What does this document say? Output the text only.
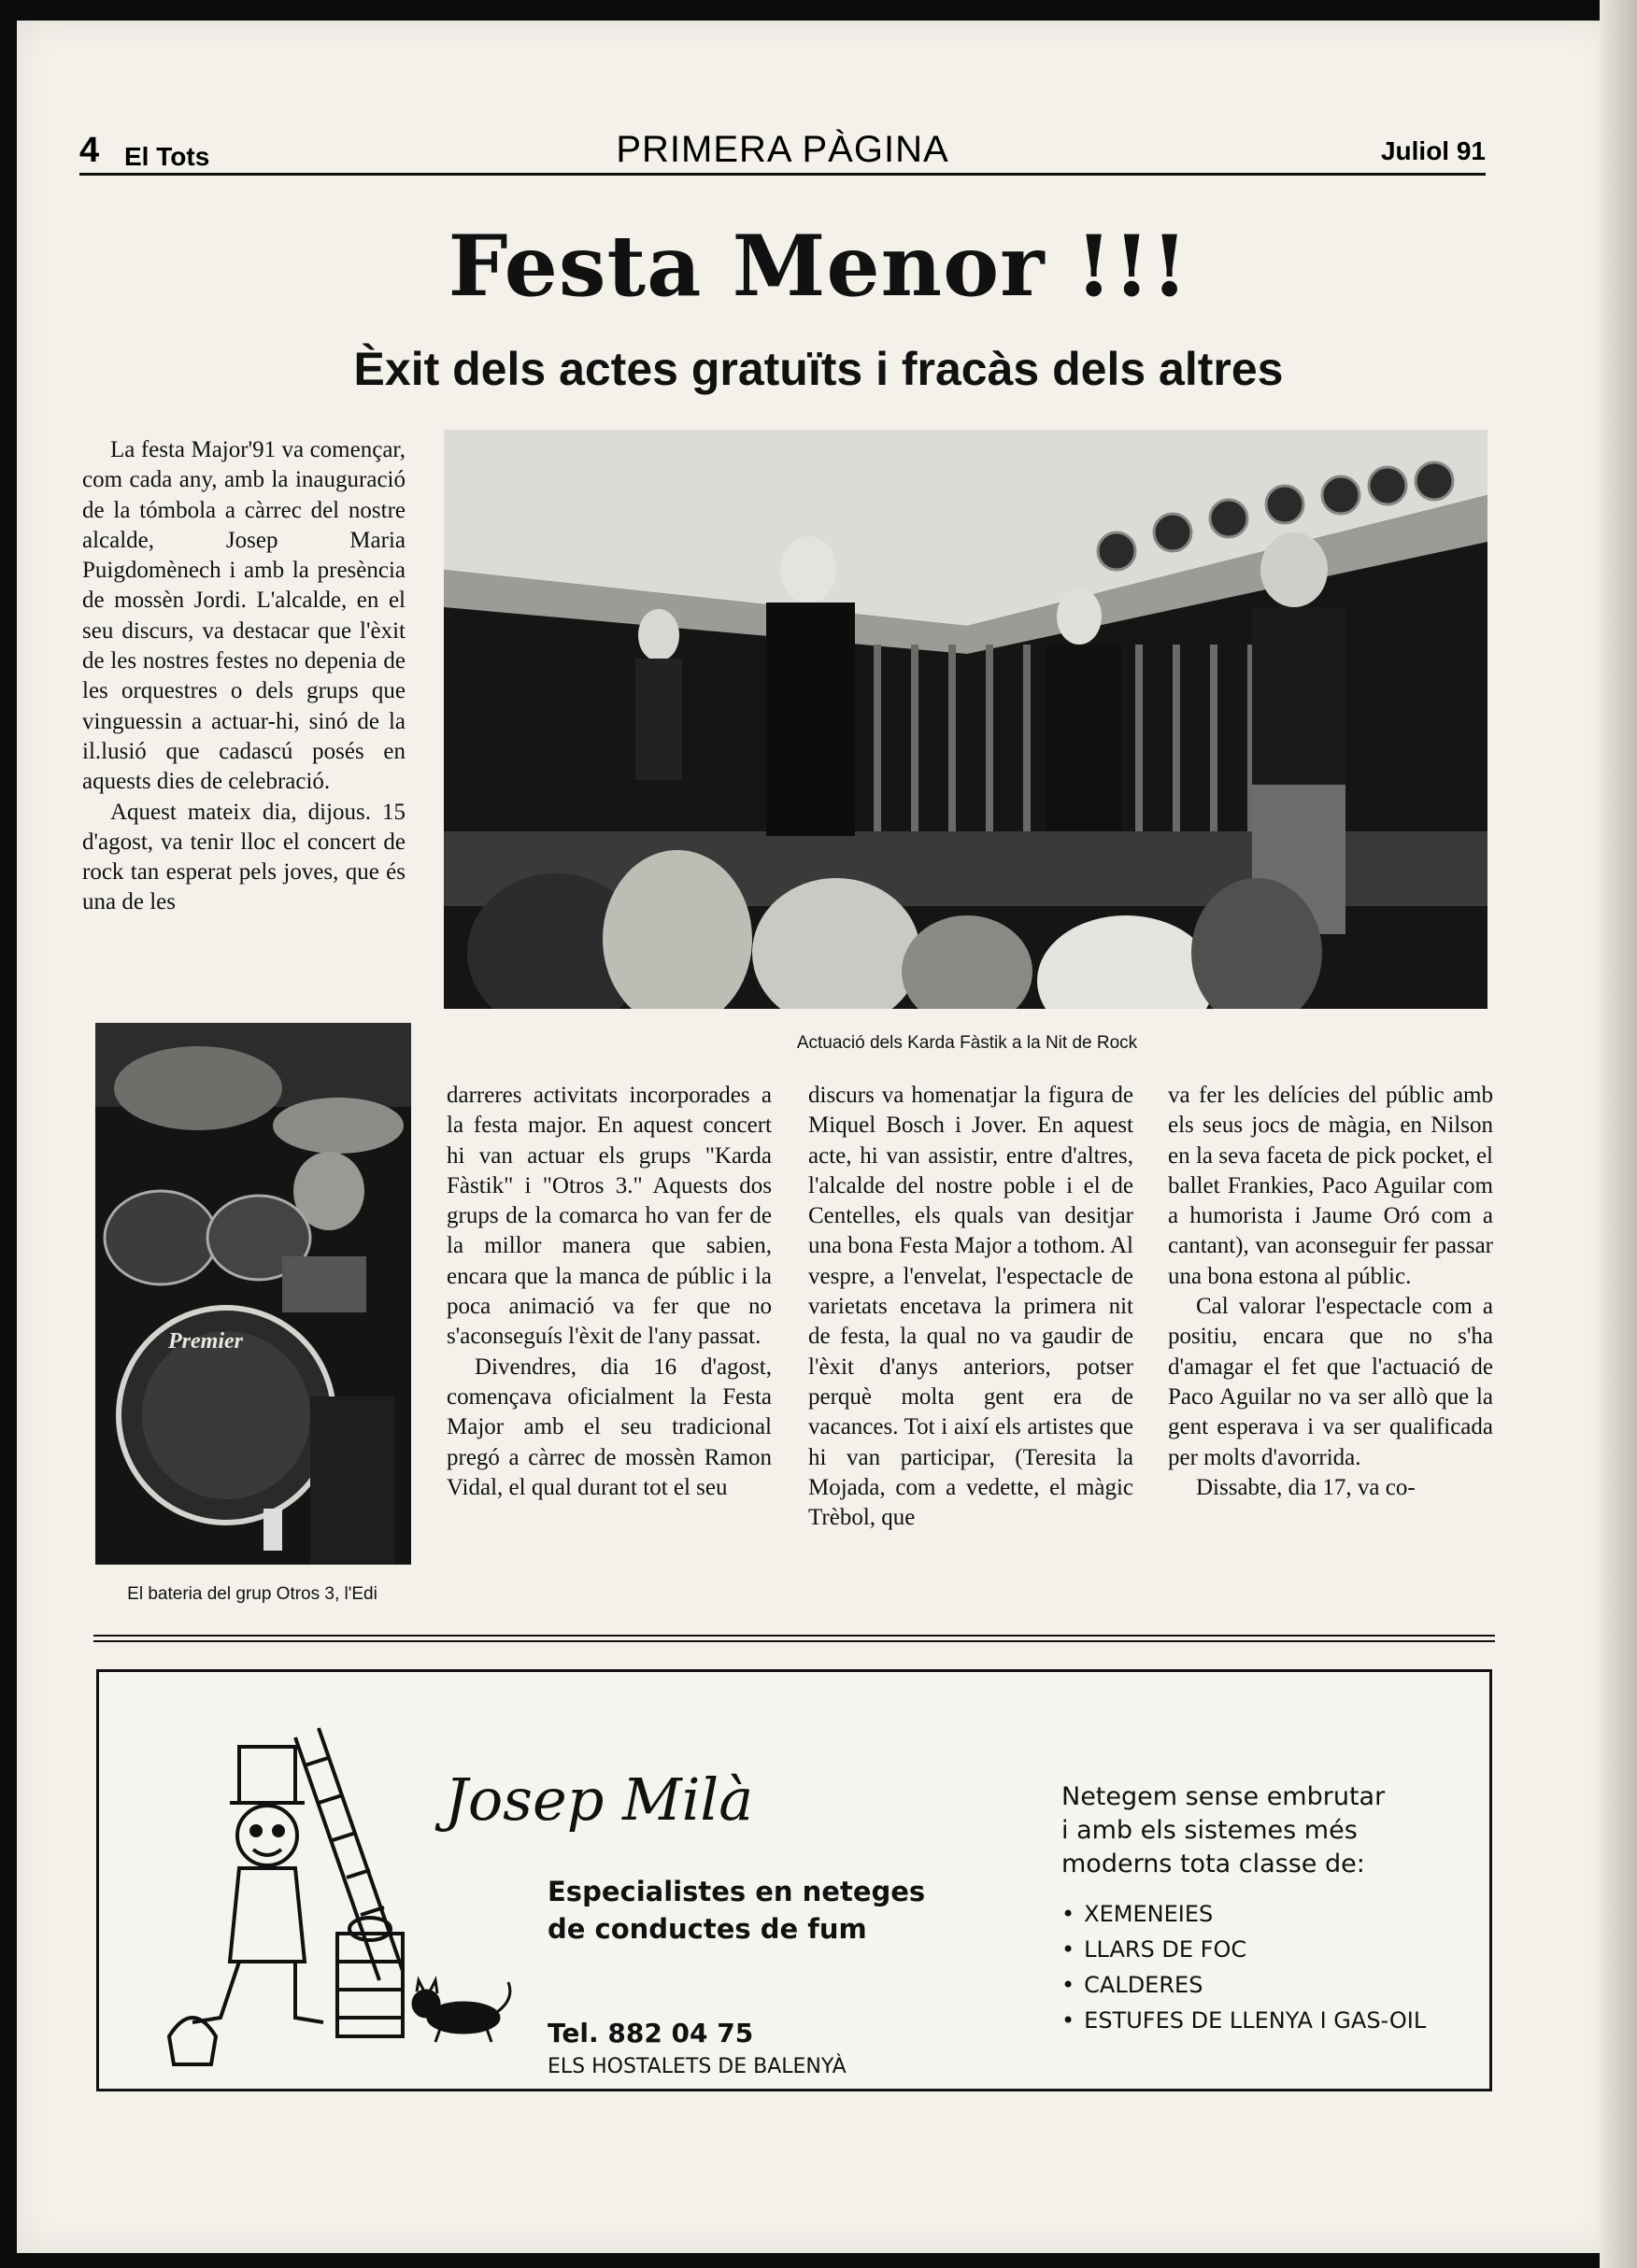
4 El Tots	PRIMERA PÀGINA	Juliol 91
Festa Menor !!!
Èxit dels actes gratuïts i fracàs dels altres

La festa Major'91 va començar, com cada any, amb la inauguració de la tómbola a càrrec del nostre alcalde, Josep Maria Puigdomènech i amb la presència de mossèn Jordi. L'alcalde, en el seu discurs, va destacar que l'èxit de les nostres festes no depenia de les orquestres o dels grups que vinguessin a actuar-hi, sinó de la il.lusió que cadascú posés en aquests dies de celebració.

Aquest mateix dia, dijous. 15 d'agost, va tenir lloc el concert de rock tan esperat pels joves, que és una de les

Actuació dels Karda Fàstik a la Nit de Rock
Premier
El bateria del grup Otros 3, l'Edi

darreres activitats incorporades a la festa major. En aquest concert hi van actuar els grups "Karda Fàstik" i "Otros 3." Aquests dos grups de la comarca ho van fer de la millor manera que sabien, encara que la manca de públic i la poca animació va fer que no s'aconseguís l'èxit de l'any passat.

Divendres, dia 16 d'agost, començava oficialment la Festa Major amb el seu tradicional pregó a càrrec de mossèn Ramon Vidal, el qual durant tot el seu

discurs va homenatjar la figura de Miquel Bosch i Jover. En aquest acte, hi van assistir, entre d'altres, l'alcalde del nostre poble i el de Centelles, els quals van desitjar una bona Festa Major a tothom. Al vespre, a l'envelat, l'espectacle de varietats encetava la primera nit de festa, la qual no va gaudir de l'èxit d'anys anteriors, potser perquè molta gent era de vacances. Tot i així els artistes que hi van participar, (Teresita la Mojada, com a vedette, el màgic Trèbol, que

va fer les delícies del públic amb els seus jocs de màgia, en Nilson en la seva faceta de pick pocket, el ballet Frankies, Paco Aguilar com a humorista i Jaume Oró com a cantant), van aconseguir fer passar una bona estona al públic.

Cal valorar l'espectacle com a positiu, encara que no s'ha d'amagar el fet que l'actuació de Paco Aguilar no va ser allò que la gent esperava i va ser qualificada per molts d'avorrida.

Dissabte, dia 17, va co-

Josep Milà
Especialistes en neteges
de conductes de fum
Tel. 882 04 75
ELS HOSTALETS DE BALENYÀ
Netegem sense embrutar
i amb els sistemes més
moderns tota classe de:
• XEMENEIES
• LLARS DE FOC
• CALDERES
• ESTUFES DE LLENYA I GAS-OIL
